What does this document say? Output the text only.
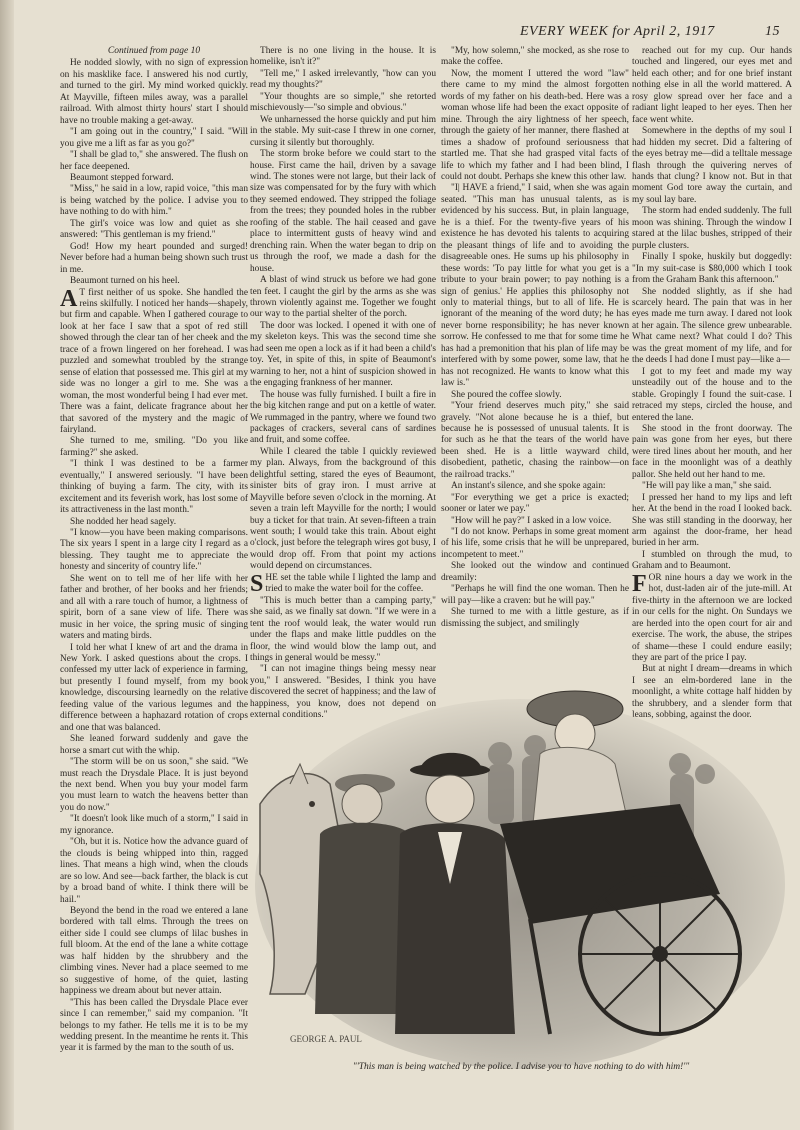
EVERY WEEK for April 2, 1917	15
Continued from page 10

He nodded slowly, with no sign of expression on his masklike face. I answered his nod curtly, and turned to the girl. My mind worked quickly. At Mayville, fifteen miles away, was a parallel railroad. With almost thirty hours' start I should have no trouble making a get-away.

"I am going out in the country," I said. "Will you give me a lift as far as you go?"

"I shall be glad to," she answered. The flush on her face deepened.

Beaumont stepped forward.

"Miss," he said in a low, rapid voice, "this man is being watched by the police. I advise you to have nothing to do with him."

The girl's voice was low and quiet as she answered: "This gentleman is my friend."

God! How my heart pounded and surged! Never before had a human being shown such trust in me.

Beaumont turned on his heel.

A T first neither of us spoke. She handled the reins skilfully. I noticed her hands—shapely, but firm and capable. When I gathered courage to look at her face I saw that a spot of red still showed through the clear tan of her cheek and the trace of a frown lingered on her forehead. I was puzzled and somewhat troubled by the strange sense of elation that possessed me. This girl at my side was no longer a girl to me. She was a woman, the most wonderful being I had ever met. There was a faint, delicate fragrance about her that savored of the mystery and the magic of fairyland.

She turned to me, smiling. "Do you like farming?" she asked.

"I think I was destined to be a farmer eventually," I answered seriously. "I have been thinking of buying a farm. The city, with its excitement and its feverish work, has lost some of its attractiveness in the last month."

She nodded her head sagely.

"I know—you have been making comparisons. The six years I spent in a large city I regard as a blessing. They taught me to appreciate the honesty and sincerity of country life."

She went on to tell me of her life with her father and brother, of her books and her friends; and all with a rare touch of humor, a lightness of spirit, born of a sane view of life. There was music in her voice, the spring music of singing waters and mating birds.

I told her what I knew of art and the drama in New York. I asked questions about the crops. I confessed my utter lack of experience in farming, but presently I found myself, from my book knowledge, discoursing learnedly on the relative feeding value of the various legumes and the difference between a haphazard rotation of crops and one that was balanced.

She leaned forward suddenly and gave the horse a smart cut with the whip.

"The storm will be on us soon," she said. "We must reach the Drysdale Place. It is just beyond the next bend. When you buy your model farm you must learn to watch the heavens better than you do now."

"It doesn't look like much of a storm," I said in my ignorance.

"Oh, but it is. Notice how the advance guard of the clouds is being whipped into thin, ragged lines. That means a high wind, when the clouds are so low. And see—back farther, the black is cut by a broad band of white. I think there will be hail."

Beyond the bend in the road we entered a lane bordered with tall elms. Through the trees on either side I could see clumps of lilac bushes in full bloom. At the end of the lane a white cottage was half hidden by the shrubbery and the climbing vines. Never had a place seemed to me so suggestive of home, of the quiet, lasting happiness we dream about but never attain.

"This has been called the Drysdale Place ever since I can remember," said my companion. "It belongs to my father. He tells me it is to be my wedding present. In the meantime he rents it. This year it is farmed by the man to the south of us.

There is no one living in the house. It is homelike, isn't it?"

"Tell me," I asked irrelevantly, "how can you read my thoughts?"

"Your thoughts are so simple," she retorted mischievously—"so simple and obvious."

We unharnessed the horse quickly and put him in the stable. My suit-case I threw in one corner, cursing it silently but thoroughly.

The storm broke before we could start to the house. First came the hail, driven by a savage wind. The stones were not large, but their lack of size was compensated for by the fury with which they seemed endowed. They stripped the foliage from the trees; they pounded holes in the rubber roofing of the stable. The hail ceased and gave place to intermittent gusts of heavy wind and drenching rain. When the water began to drip on us through the roof, we made a dash for the house.

A blast of wind struck us before we had gone ten feet. I caught the girl by the arms as she was thrown violently against me. Together we fought our way to the partial shelter of the porch.

The door was locked. I opened it with one of my skeleton keys. This was the second time she had seen me open a lock as if it had been a child's toy. Yet, in spite of this, in spite of Beaumont's warning to her, not a hint of suspicion showed in the engaging frankness of her manner.

The house was fully furnished. I built a fire in the big kitchen range and put on a kettle of water. We rummaged in the pantry, where we found two packages of crackers, several cans of sardines and fruit, and some coffee.

While I cleared the table I quickly reviewed my plan. Always, from the background of this delightful setting, stared the eyes of Beaumont, sinister bits of gray iron. I must arrive at Mayville before seven o'clock in the morning. At seven a train left Mayville for the north; I would buy a ticket for that train. At seven-fifteen a train went south; I would take this train. About eight o'clock, just before the telegraph wires got busy, I would drop off. From that point my actions would depend on circumstances.

SHE set the table while I lighted the lamp and tried to make the water boil for the coffee.

"This is much better than a camping party," she said, as we finally sat down. "If we were in a tent the roof would leak, the water would run under the flaps and make little puddles on the floor, the wind would blow the lamp out, and things in general would be messy."

"I can not imagine things being messy near you," I answered. "Besides, I think you have discovered the secret of happiness; and the law of happiness, you know, does not depend on external conditions."

"My, how solemn," she mocked, as she rose to make the coffee.

Now, the moment I uttered the word "law" there came to my mind the almost forgotten words of my father on his death-bed. Here was a woman whose life had been the exact opposite of mine. Through the airy lightness of her speech, through the gaiety of her manner, there flashed at times a shadow of profound seriousness that startled me. That she had grasped vital facts of life to which my father and I had been blind, I could not doubt. Perhaps she knew this other law.

"I| HAVE a friend," I said, when she was again seated. "This man has unusual talents, as is evidenced by his success. But, in plain language, he is a thief. For the twenty-five years of his existence he has devoted his talents to acquiring the pleasant things of life and to avoiding the disagreeable ones. He sums up his philosophy in these words: 'To pay little for what you get is a tribute to your brain power; to pay nothing is a sign of genius.' He applies this philosophy not only to material things, but to all of life. He is ignorant of the meaning of the word duty; he has never borne responsibility; he has never known sorrow. He confessed to me that for some time he has had a premonition that his plan of life may be interfered with by some power, some law, that he has not recognized. He wants to know what this law is."

She poured the coffee slowly.

"Your friend deserves much pity," she said gravely. "Not alone because he is a thief, but because he is possessed of unusual talents. It is for such as he that the tears of the world have been shed. He is a little wayward child, disobedient, pathetic, chasing the rainbow—on the railroad tracks."

An instant's silence, and she spoke again:

"For everything we get a price is exacted; sooner or later we pay."

"How will he pay?" I asked in a low voice.

"I do not know. Perhaps in some great moment of his life, some crisis that he will be unprepared, incompetent to meet."

She looked out the window and continued dreamily:

"Perhaps he will find the one woman. Then he will pay—like a craven: but he will pay."

She turned to me with a little gesture, as if dismissing the subject, and smilingly

reached out for my cup. Our hands touched and lingered, our eyes met and held each other; and for one brief instant nothing else in all the world mattered. A rosy glow spread over her face and a radiant light leaped to her eyes. Then her face went white.

Somewhere in the depths of my soul I had hidden my secret. Did a faltering of the eyes betray me—did a telltale message flash through the quivering nerves of hands that clung? I know not. But in that moment God tore away the curtain, and my soul lay bare.

The storm had ended suddenly. The full moon was shining. Through the window I stared at the lilac bushes, stripped of their purple clusters.

Finally I spoke, huskily but doggedly: "In my suit-case is $80,000 which I took from the Graham Bank this afternoon."

She nodded slightly, as if she had scarcely heard. The pain that was in her eyes made me turn away. I dared not look at her again. The silence grew unbearable. What came next? What could I do? This was the great moment of my life, and for the deeds I had done I must pay—like a—

I got to my feet and made my way unsteadily out of the house and to the stable. Gropingly I found the suit-case. I retraced my steps, circled the house, and entered the lane.

She stood in the front doorway. The pain was gone from her eyes, but there were tired lines about her mouth, and her face in the moonlight was of a deathly pallor. She held out her hand to me.

"He will pay like a man," she said.

I pressed her hand to my lips and left her. At the bend in the road I looked back. She was still standing in the doorway, her arm against the door-frame, her head buried in her arm.

I stumbled on through the mud, to Graham and to Beaumont.

FOR nine hours a day we work in the hot, dust-laden air of the jute-mill. At five-thirty in the afternoon we are locked in our cells for the night. On Sundays we are herded into the open court for air and exercise. The work, the abuse, the stripes of shame—these I could endure easily; they are part of the price I pay.

But at night I dream—dreams in which I see an elm-bordered lane in the moonlight, a white cottage half hidden by the shrubbery, and a slender form that leans, sobbing, against the door.

GEORGE A. PAUL
"'This man is being watched by the police. I advise you to have nothing to do with him!'"
